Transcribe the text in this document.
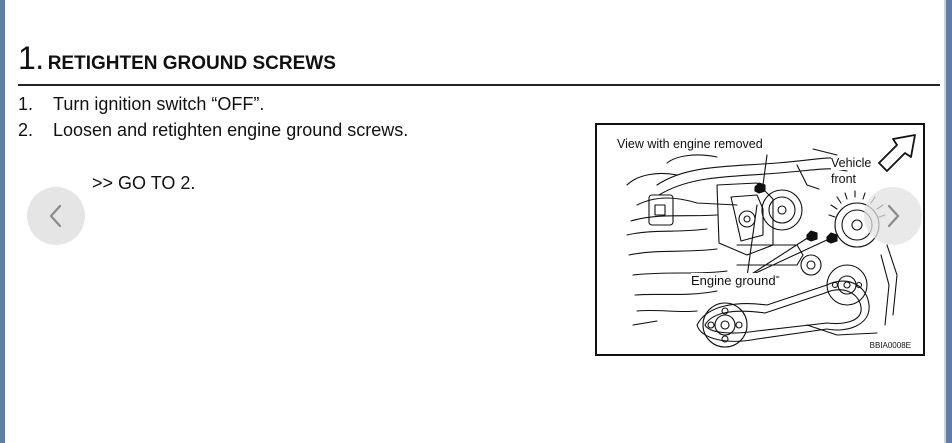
1. RETIGHTEN GROUND SCREWS
1.	Turn ignition switch “OFF”.
2.	Loosen and retighten engine ground screws.
>> GO TO 2.
View with engine removed
Vehicle
front
Engine ground
BBIA0008E
